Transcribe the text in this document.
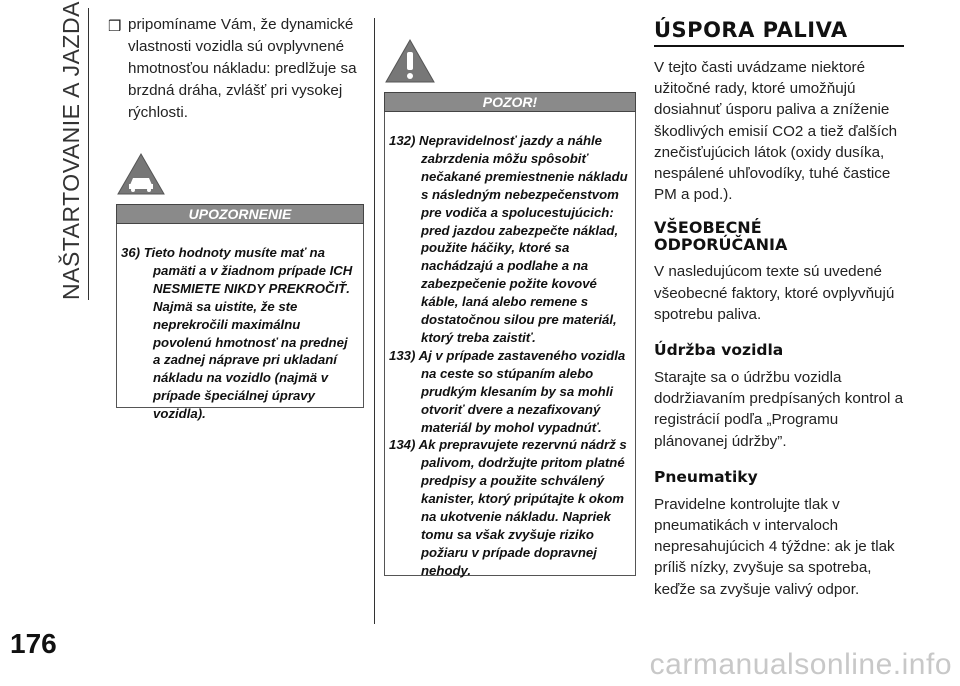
NAŠTARTOVANIE A JAZDA ❒ pripomíname Vám, že dynamické vlastnosti vozidla sú ovplyvnené hmotnosťou nákladu: predlžuje sa brzdná dráha, zvlášť pri vysokej rýchlosti.
UPOZORNENIE

36) Tieto hodnoty musíte mať na pamäti a v žiadnom prípade ICH NESMIETE NIKDY PREKROČIŤ. Najmä sa uistite, že ste neprekročili maximálnu povolenú hmotnosť na prednej a zadnej náprave pri ukladaní nákladu na vozidlo (najmä v prípade špeciálnej úpravy vozidla).

POZOR!

132) Nepravidelnosť jazdy a náhle zabrzdenia môžu spôsobiť nečakané premiestnenie nákladu s následným nebezpečenstvom pre vodiča a spolucestujúcich: pred jazdou zabezpečte náklad, použite háčiky, ktoré sa nachádzajú a podlahe a na zabezpečenie požite kovové káble, laná alebo remene s dostatočnou silou pre materiál, ktorý treba zaistiť.

133) Aj v prípade zastaveného vozidla na ceste so stúpaním alebo prudkým klesaním by sa mohli otvoriť dvere a nezafixovaný materiál by mohol vypadnúť.

134) Ak prepravujete rezervnú nádrž s palivom, dodržujte pritom platné predpisy a použite schválený kanister, ktorý pripútajte k okom na ukotvenie nákladu. Napriek tomu sa však zvyšuje riziko požiaru v prípade dopravnej nehody.

ÚSPORA PALIVA

V tejto časti uvádzame niektoré užitočné rady, ktoré umožňujú dosiahnuť úsporu paliva a zníženie škodlivých emisií CO2 a tiež ďalších znečisťujúcich látok (oxidy dusíka, nespálené uhľovodíky, tuhé častice PM a pod.).

VŠEOBECNÉ ODPORÚČANIA

V nasledujúcom texte sú uvedené všeobecné faktory, ktoré ovplyvňujú spotrebu paliva.

Údržba vozidla

Starajte sa o údržbu vozidla dodržiavaním predpísaných kontrol a registrácií podľa „Programu plánovanej údržby”.

Pneumatiky

Pravidelne kontrolujte tlak v pneumatikách v intervaloch nepresahujúcich 4 týždne: ak je tlak príliš nízky, zvyšuje sa spotreba, keďže sa zvyšuje valivý odpor.

176
carmanualsonline.info
